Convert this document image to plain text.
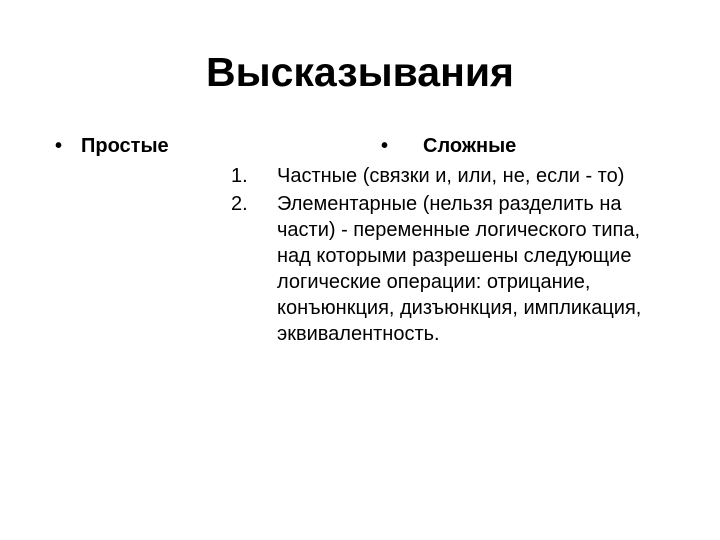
Высказывания
• Простые	• Сложные
1. Частные (связки и, или, не, если - то)
2. Элементарные (нельзя разделить на части) - переменные логического типа, над которыми разрешены следующие логические операции: отрицание, конъюнкция, дизъюнкция, импликация, эквивалентность.
